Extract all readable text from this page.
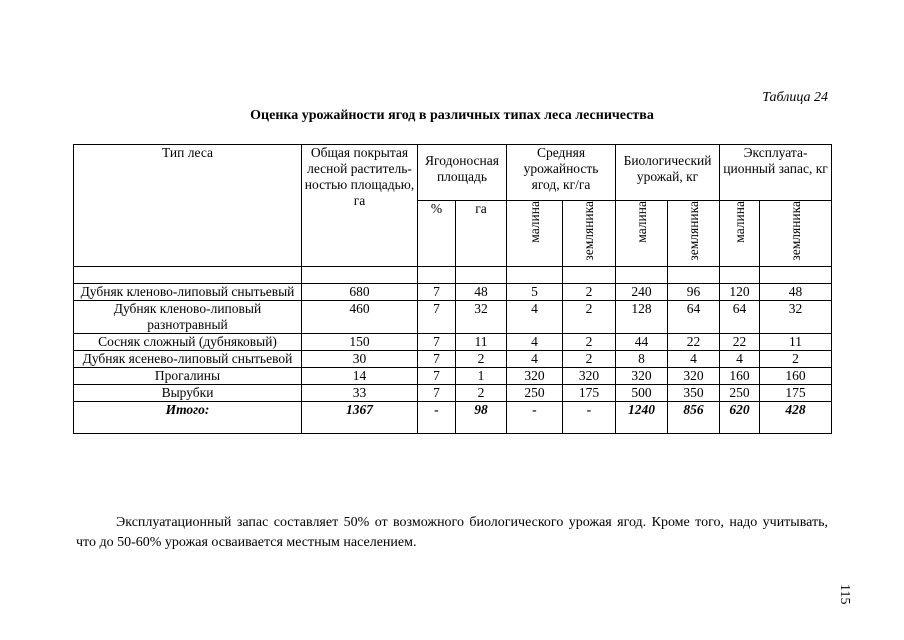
Таблица 24
Оценка урожайности ягод в различных типах леса лесничества
Тип леса	Общая покрытая лесной раститель-ностью площадью, га	Ягодоносная площадь		Средняя урожайность ягод, кг/га		Биологический урожай, кг		Эксплуата-ционный запас, кг	
		%	га	малина	земляника	малина	земляника	малина	земляника

Дубняк кленово-липовый снытьевый	680	7	48	5	2	240	96	120	48
Дубняк кленово-липовый разнотравный	460	7	32	4	2	128	64	64	32
Сосняк сложный (дубняковый)	150	7	11	4	2	44	22	22	11
Дубняк ясенево-липовый снытьевой	30	7	2	4	2	8	4	4	2
Прогалины	14	7	1	320	320	320	320	160	160
Вырубки	33	7	2	250	175	500	350	250	175
Итого:	1367	-	98	-	-	1240	856	620	428

Эксплуатационный запас составляет 50% от возможного биологического урожая ягод. Кроме того, надо учитывать, что до 50-60% урожая осваивается местным населением.

115
